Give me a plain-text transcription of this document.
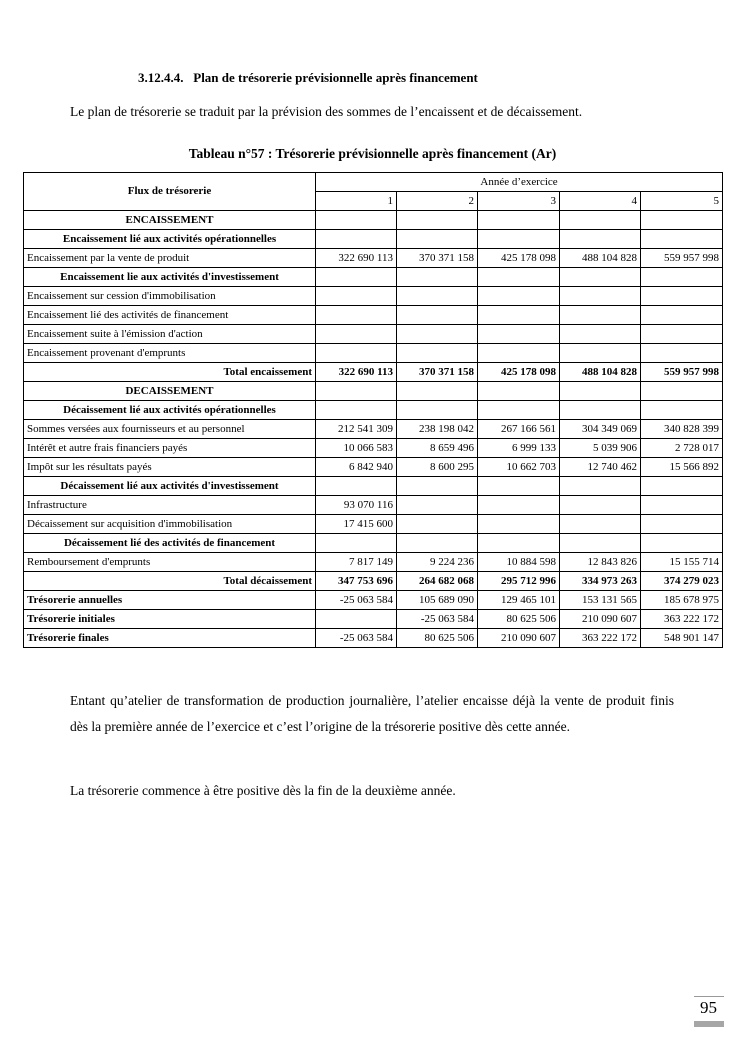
3.12.4.4.   Plan de trésorerie prévisionnelle après financement
Le plan de trésorerie se traduit par la prévision des sommes de l’encaissent et de décaissement.
Tableau n°57 : Trésorerie prévisionnelle après financement (Ar)
Flux de trésorerie	Année d’exercice				
	1	2	3	4	5
ENCAISSEMENT					
Encaissement lié aux activités opérationnelles					
Encaissement par la vente de produit	322 690 113	370 371 158	425 178 098	488 104 828	559 957 998
Encaissement lie aux activités d'investissement					
Encaissement sur cession d'immobilisation					
Encaissement lié des activités de financement					
Encaissement suite à l'émission d'action					
Encaissement provenant d'emprunts					
Total encaissement	322 690 113	370 371 158	425 178 098	488 104 828	559 957 998
DECAISSEMENT					
Décaissement lié aux activités opérationnelles					
Sommes versées aux fournisseurs et au personnel	212 541 309	238 198 042	267 166 561	304 349 069	340 828 399
Intérêt et autre frais financiers payés	10 066 583	8 659 496	6 999 133	5 039 906	2 728 017
Impôt sur les résultats payés	6 842 940	8 600 295	10 662 703	12 740 462	15 566 892
Décaissement lié aux activités d'investissement					
Infrastructure	93 070 116				
Décaissement sur acquisition d'immobilisation	17 415 600				
Décaissement lié des activités de financement					
Remboursement d'emprunts	7 817 149	9 224 236	10 884 598	12 843 826	15 155 714
Total décaissement	347 753 696	264 682 068	295 712 996	334 973 263	374 279 023
Trésorerie annuelles	-25 063 584	105 689 090	129 465 101	153 131 565	185 678 975
Trésorerie initiales		-25 063 584	80 625 506	210 090 607	363 222 172
Trésorerie finales	-25 063 584	80 625 506	210 090 607	363 222 172	548 901 147
Entant qu’atelier de transformation de production journalière, l’atelier encaisse déjà la vente de produit finis dès la première année de l’exercice et c’est l’origine de la trésorerie positive dès cette année.
La trésorerie commence à être positive dès la fin de la deuxième année.
95
